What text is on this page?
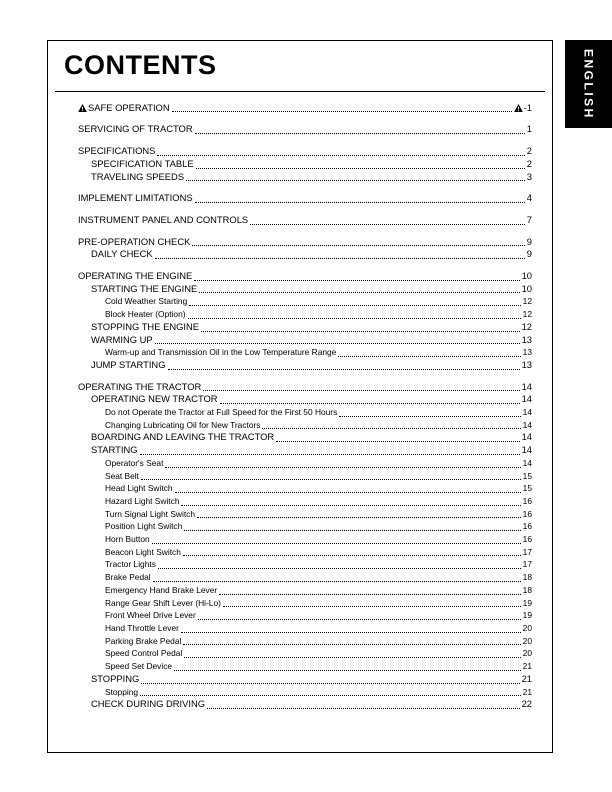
CONTENTS
SAFE OPERATION	-1
SERVICING OF TRACTOR	1
SPECIFICATIONS	2
SPECIFICATION TABLE	2
TRAVELING SPEEDS	3
IMPLEMENT LIMITATIONS	4
INSTRUMENT PANEL AND CONTROLS	7
PRE-OPERATION CHECK	9
DAILY CHECK	9
OPERATING THE ENGINE	10
STARTING THE ENGINE	10
Cold Weather Starting	12
Block Heater (Option)	12
STOPPING THE ENGINE	12
WARMING UP	13
Warm-up and Transmission Oil in the Low Temperature Range	13
JUMP STARTING	13
OPERATING THE TRACTOR	14
OPERATING NEW TRACTOR	14
Do not Operate the Tractor at Full Speed for the First 50 Hours	14
Changing Lubricating Oil for New Tractors	14
BOARDING AND LEAVING THE TRACTOR	14
STARTING	14
Operator's Seat	14
Seat Belt	15
Head Light Switch	15
Hazard Light Switch	16
Turn Signal Light Switch	16
Position Light Switch	16
Horn Button	16
Beacon Light Switch	17
Tractor Lights	17
Brake Pedal	18
Emergency Hand Brake Lever	18
Range Gear Shift Lever (Hi-Lo)	19
Front Wheel Drive Lever	19
Hand Throttle Lever	20
Parking Brake Pedal	20
Speed Control Pedal	20
Speed Set Device	21
STOPPING	21
Stopping	21
CHECK DURING DRIVING	22
ENGLISH
